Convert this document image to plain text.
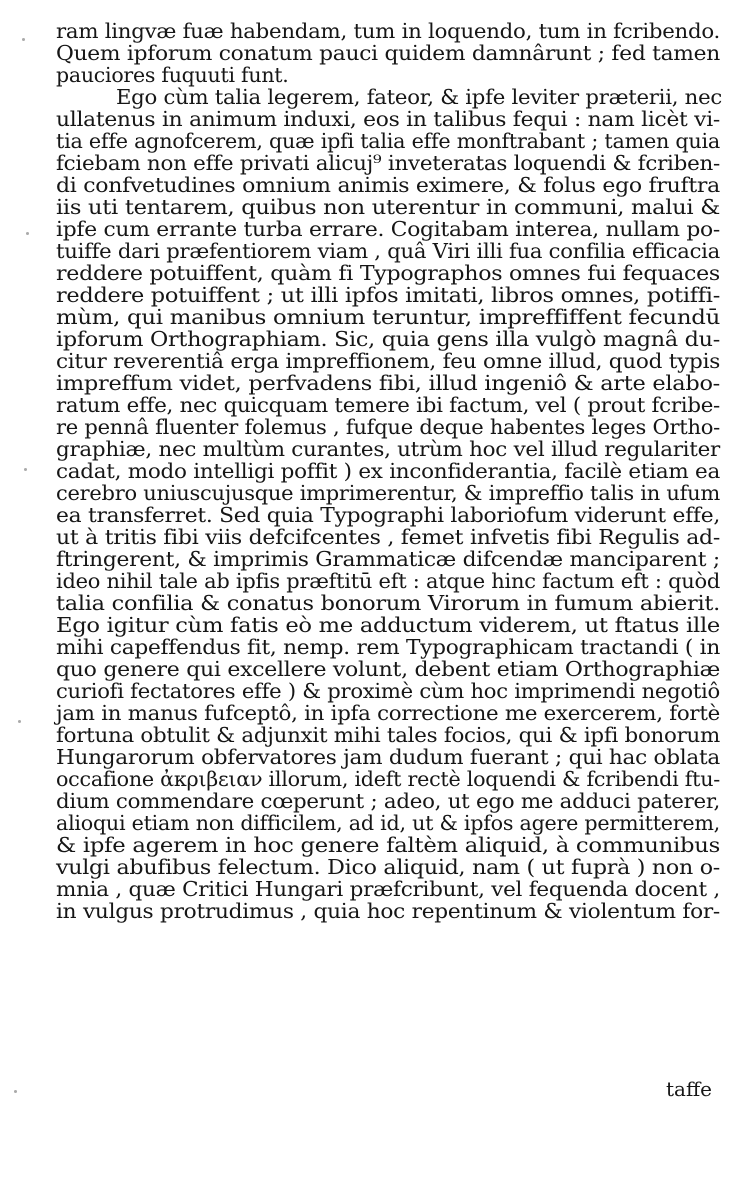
ram lingvæ fuæ habendam, tum in loquendo, tum in fcribendo.
Quem ipforum conatum pauci quidem damnârunt ; fed tamen
pauciores fuquuti funt.
Ego cùm talia legerem, fateor, & ipfe leviter præterii, nec
ullatenus in animum induxi, eos in talibus fequi : nam licèt vi-
tia effe agnofcerem, quæ ipfi talia effe monftrabant ; tamen quia
fciebam non effe privati alicuj⁹ inveteratas loquendi & fcriben-
di confvetudines omnium animis eximere, & folus ego fruftra
iis uti tentarem, quibus non uterentur in communi, malui &
ipfe cum errante turba errare. Cogitabam interea, nullam po-
tuiffe dari præfentiorem viam , quâ Viri illi fua confilia efficacia
reddere potuiffent, quàm fi Typographos omnes fui fequaces
reddere potuiffent ; ut illi ipfos imitati, libros omnes, potiffi-
mùm, qui manibus omnium teruntur, impreffiffent fecundū
ipforum Orthographiam. Sic, quia gens illa vulgò magnâ du-
citur reverentiâ erga impreffionem, feu omne illud, quod typis
impreffum videt, perfvadens fibi, illud ingeniô & arte elabo-
ratum effe, nec quicquam temere ibi factum, vel ( prout fcribe-
re pennâ fluenter folemus , fufque deque habentes leges Ortho-
graphiæ, nec multùm curantes, utrùm hoc vel illud regulariter
cadat, modo intelligi poffit ) ex inconfiderantia, facilè etiam ea
cerebro uniuscujusque imprimerentur, & impreffio talis in ufum
ea transferret. Sed quia Typographi laboriofum viderunt effe,
ut à tritis fibi viis defcifcentes , femet infvetis fibi Regulis ad-
ftringerent, & imprimis Grammaticæ difcendæ manciparent ;
ideo nihil tale ab ipfis præftitū eft : atque hinc factum eft : quòd
talia confilia & conatus bonorum Virorum in fumum abierit.
Ego igitur cùm fatis eò me adductum viderem, ut ftatus ille
mihi capeffendus fit, nemp. rem Typographicam tractandi ( in
quo genere qui excellere volunt, debent etiam Orthographiæ
curiofi fectatores effe ) & proximè cùm hoc imprimendi negotiô
jam in manus fufceptô, in ipfa correctione me exercerem, fortè
fortuna obtulit & adjunxit mihi tales focios, qui & ipfi bonorum
Hungarorum obfervatores jam dudum fuerant ; qui hac oblata
occafione ἀκριβειαν illorum, ideft rectè loquendi & fcribendi ftu-
dium commendare cœperunt ; adeo, ut ego me adduci paterer,
alioqui etiam non difficilem, ad id, ut & ipfos agere permitterem,
& ipfe agerem in hoc genere faltèm aliquid, à communibus
vulgi abufibus felectum. Dico aliquid, nam ( ut fuprà ) non o-
mnia , quæ Critici Hungari præfcribunt, vel fequenda docent ,
in vulgus protrudimus , quia hoc repentinum & violentum for-
taffe
